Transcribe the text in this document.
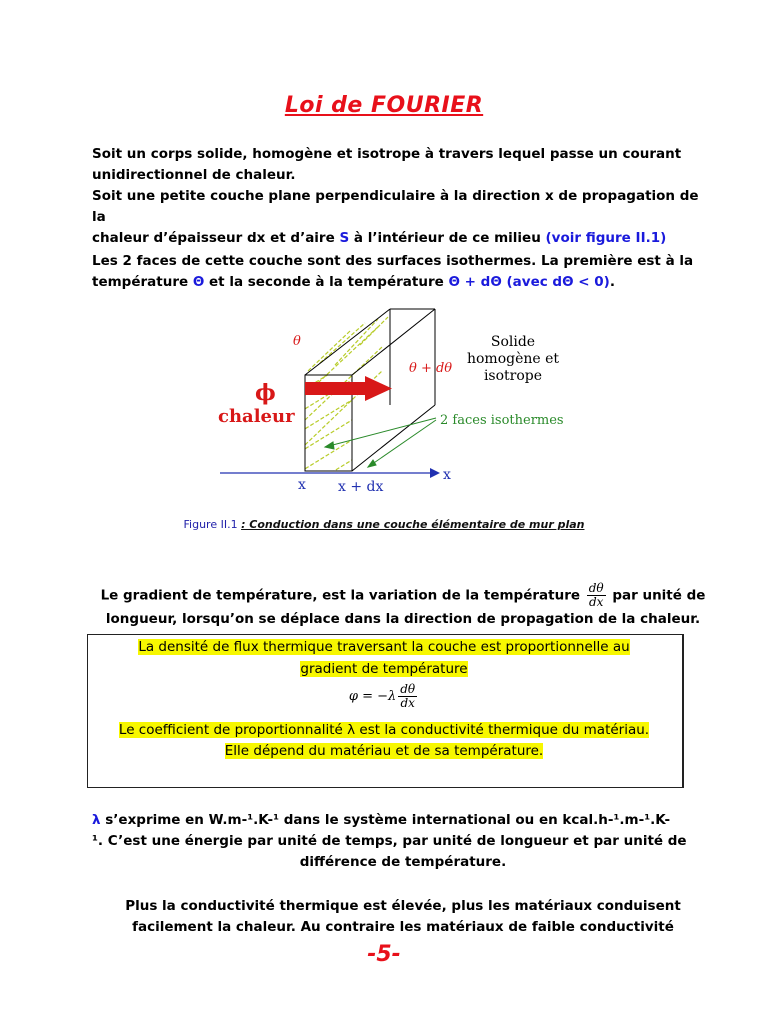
Loi de FOURIER
Soit un corps solide, homogène et isotrope à travers lequel passe un courant
unidirectionnel de chaleur.
Soit une petite couche plane perpendiculaire à la direction x de propagation de la
chaleur d’épaisseur dx et d’aire S à l’intérieur de ce milieu (voir figure II.1)
Les 2 faces de cette couche sont des surfaces isothermes. La première est à la
température Θ et la seconde à la température Θ + dΘ (avec dΘ < 0).
θ
θ + dθ
ϕ
chaleur
Solide
homogène et
isotrope
2 faces isothermes
x
x x + dx
Figure II.1 : Conduction dans une couche élémentaire de mur plan
Le gradient de température, est la variation de la température $\frac{d\theta}{dx}$ par unité de
longueur, lorsqu’on se déplace dans la direction de propagation de la chaleur.
La densité de flux thermique traversant la couche est proportionnelle au
gradient de température
$\varphi = -\lambda \frac{d\theta}{dx}$
Le coefficient de proportionnalité λ est la conductivité thermique du matériau.
Elle dépend du matériau et de sa température.
λ s’exprime en W.m-¹.K-¹ dans le système international ou en kcal.h-¹.m-¹.K-
¹. C’est une énergie par unité de temps, par unité de longueur et par unité de
différence de température.
Plus la conductivité thermique est élevée, plus les matériaux conduisent
facilement la chaleur. Au contraire les matériaux de faible conductivité
-5-
